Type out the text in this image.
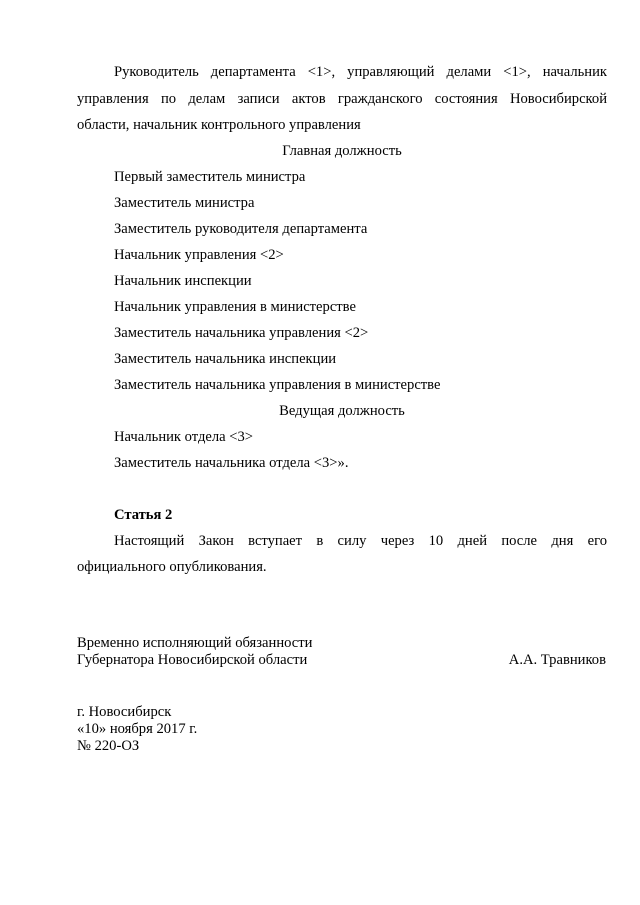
Руководитель департамента <1>, управляющий делами <1>, начальник
управления по делам записи актов гражданского состояния Новосибирской
области, начальник контрольного управления
Главная должность
Первый заместитель министра
Заместитель министра
Заместитель руководителя департамента
Начальник управления <2>
Начальник инспекции
Начальник управления в министерстве
Заместитель начальника управления <2>
Заместитель начальника инспекции
Заместитель начальника управления в министерстве
Ведущая должность
Начальник отдела <3>
Заместитель начальника отдела <3>».
Статья 2
Настоящий Закон вступает в силу через 10 дней после дня его
официального опубликования.
Временно исполняющий обязанности
Губернатора Новосибирской области	А.А. Травников
г. Новосибирск
«10» ноября 2017 г.
№ 220-ОЗ
